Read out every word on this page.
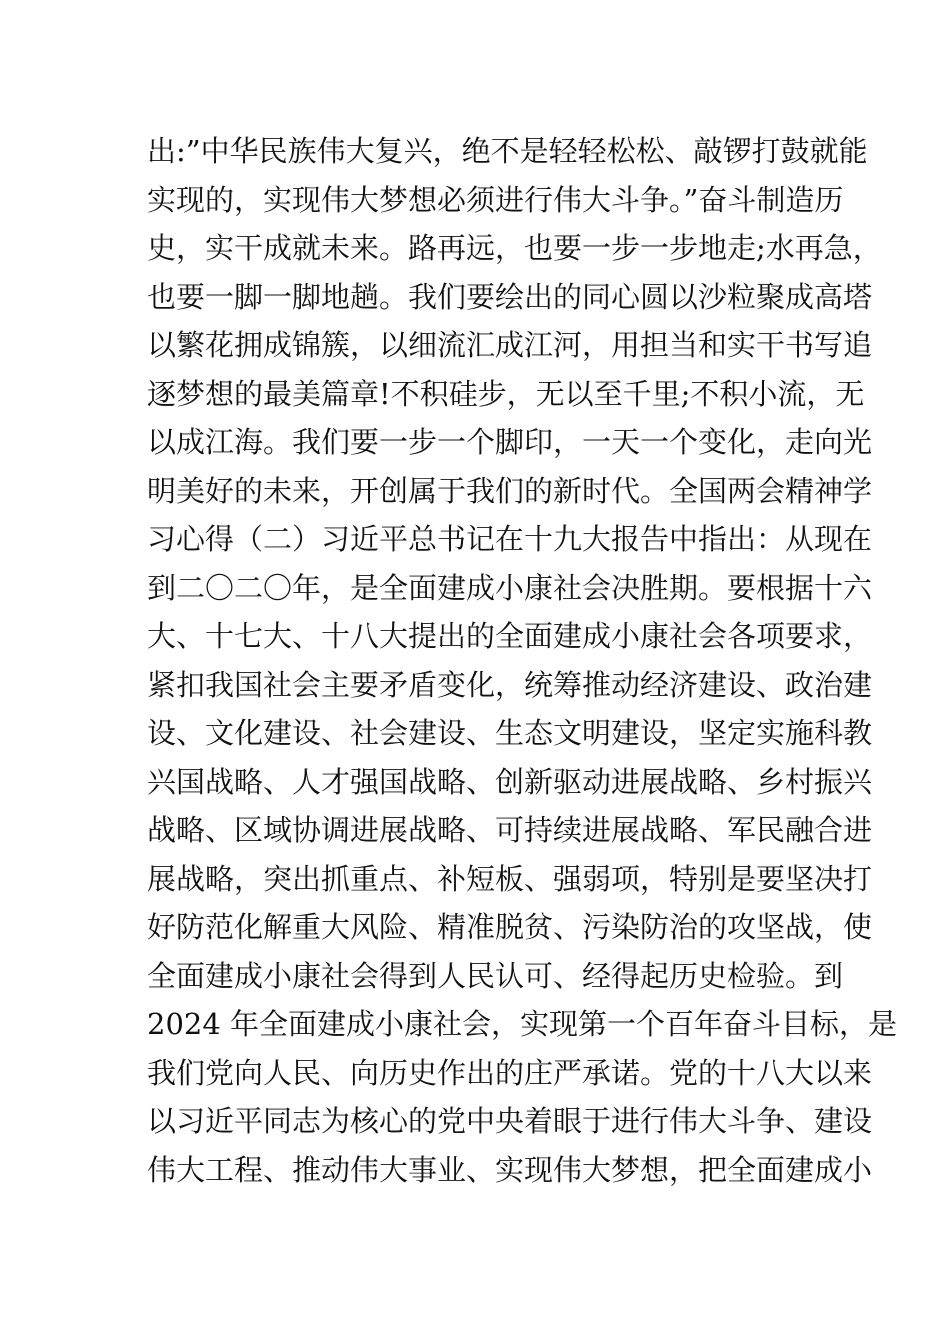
出:”中华民族伟大复兴，绝不是轻轻松松、敲锣打鼓就能
实现的，实现伟大梦想必须进行伟大斗争。”奋斗制造历
史，实干成就未来。路再远，也要一步一步地走;水再急，
也要一脚一脚地趟。我们要绘出的同心圆以沙粒聚成高塔
以繁花拥成锦簇，以细流汇成江河，用担当和实干书写追
逐梦想的最美篇章!不积硅步，无以至千里;不积小流，无
以成江海。我们要一步一个脚印，一天一个变化，走向光
明美好的未来，开创属于我们的新时代。全国两会精神学
习心得（二）习近平总书记在十九大报告中指出：从现在
到二〇二〇年，是全面建成小康社会决胜期。要根据十六
大、十七大、十八大提出的全面建成小康社会各项要求，
紧扣我国社会主要矛盾变化，统筹推动经济建设、政治建
设、文化建设、社会建设、生态文明建设，坚定实施科教
兴国战略、人才强国战略、创新驱动进展战略、乡村振兴
战略、区域协调进展战略、可持续进展战略、军民融合进
展战略，突出抓重点、补短板、强弱项，特别是要坚决打
好防范化解重大风险、精准脱贫、污染防治的攻坚战，使
全面建成小康社会得到人民认可、经得起历史检验。到
2024 年全面建成小康社会，实现第一个百年奋斗目标，是
我们党向人民、向历史作出的庄严承诺。党的十八大以来
以习近平同志为核心的党中央着眼于进行伟大斗争、建设
伟大工程、推动伟大事业、实现伟大梦想，把全面建成小
